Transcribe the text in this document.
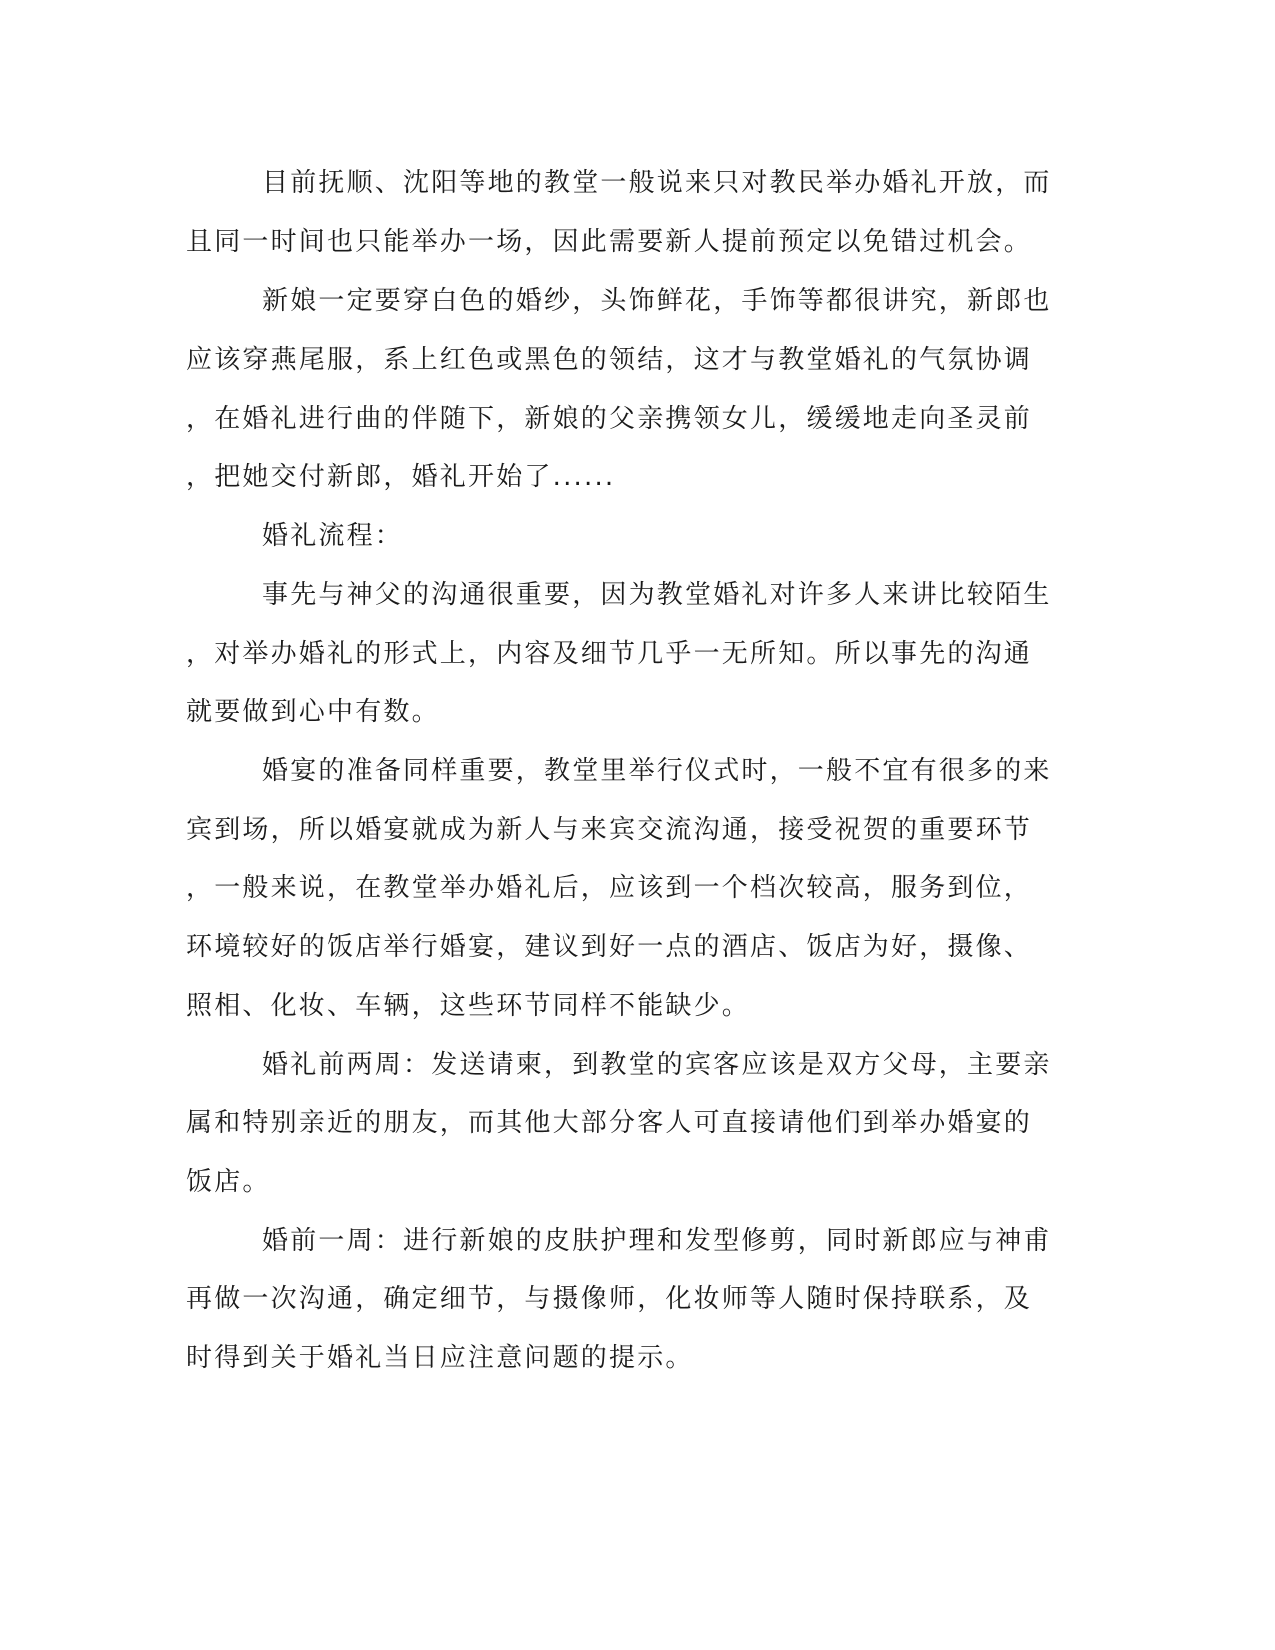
目前抚顺、沈阳等地的教堂一般说来只对教民举办婚礼开放，而
且同一时间也只能举办一场，因此需要新人提前预定以免错过机会。
新娘一定要穿白色的婚纱，头饰鲜花，手饰等都很讲究，新郎也
应该穿燕尾服，系上红色或黑色的领结，这才与教堂婚礼的气氛协调
，在婚礼进行曲的伴随下，新娘的父亲携领女儿，缓缓地走向圣灵前
，把她交付新郎，婚礼开始了......
婚礼流程：
事先与神父的沟通很重要，因为教堂婚礼对许多人来讲比较陌生
，对举办婚礼的形式上，内容及细节几乎一无所知。所以事先的沟通
就要做到心中有数。
婚宴的准备同样重要，教堂里举行仪式时，一般不宜有很多的来
宾到场，所以婚宴就成为新人与来宾交流沟通，接受祝贺的重要环节
，一般来说，在教堂举办婚礼后，应该到一个档次较高，服务到位，
环境较好的饭店举行婚宴，建议到好一点的酒店、饭店为好，摄像、
照相、化妆、车辆，这些环节同样不能缺少。
婚礼前两周：发送请柬，到教堂的宾客应该是双方父母，主要亲
属和特别亲近的朋友，而其他大部分客人可直接请他们到举办婚宴的
饭店。
婚前一周：进行新娘的皮肤护理和发型修剪，同时新郎应与神甫
再做一次沟通，确定细节，与摄像师，化妆师等人随时保持联系，及
时得到关于婚礼当日应注意问题的提示。
